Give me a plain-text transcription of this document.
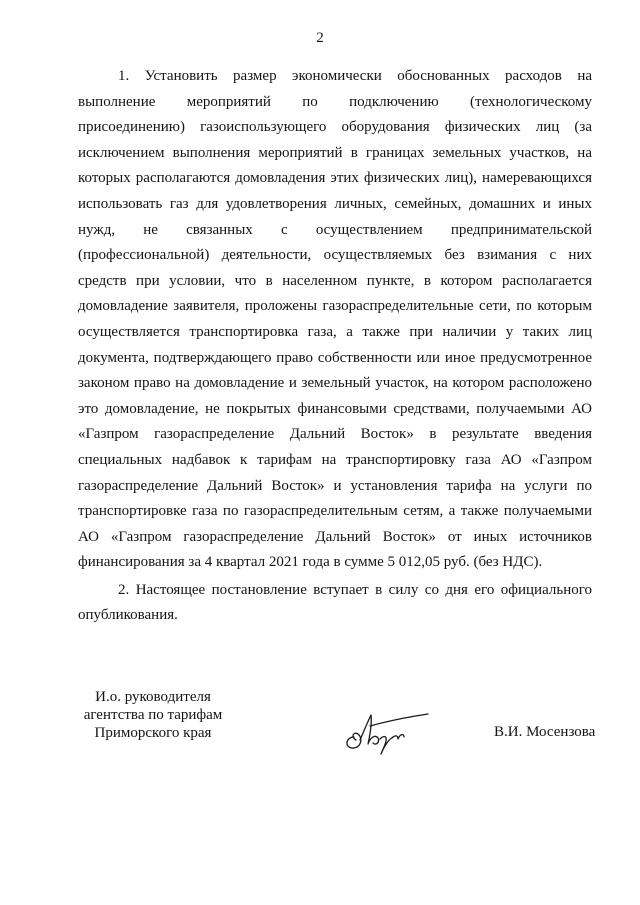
2

1. Установить размер экономически обоснованных расходов на выполнение мероприятий по подключению (технологическому присоединению) газоиспользующего оборудования физических лиц (за исключением выполнения мероприятий в границах земельных участков, на которых располагаются домовладения этих физических лиц), намеревающихся использовать газ для удовлетворения личных, семейных, домашних и иных нужд, не связанных с осуществлением предпринимательской (профессиональной) деятельности, осуществляемых без взимания с них средств при условии, что в населенном пункте, в котором располагается домовладение заявителя, проложены газораспределительные сети, по которым осуществляется транспортировка газа, а также при наличии у таких лиц документа, подтверждающего право собственности или иное предусмотренное законом право на домовладение и земельный участок, на котором расположено это домовладение, не покрытых финансовыми средствами, получаемыми АО «Газпром газораспределение Дальний Восток» в результате введения специальных надбавок к тарифам на транспортировку газа АО «Газпром газораспределение Дальний Восток» и установления тарифа на услуги по транспортировке газа по газораспределительным сетям, а также получаемыми АО «Газпром газораспределение Дальний Восток» от иных источников финансирования за 4 квартал 2021 года в сумме 5 012,05 руб. (без НДС).

2. Настоящее постановление вступает в силу со дня его официального опубликования.

И.о. руководителя
агентства по тарифам
Приморского края	В.И. Мосензова
